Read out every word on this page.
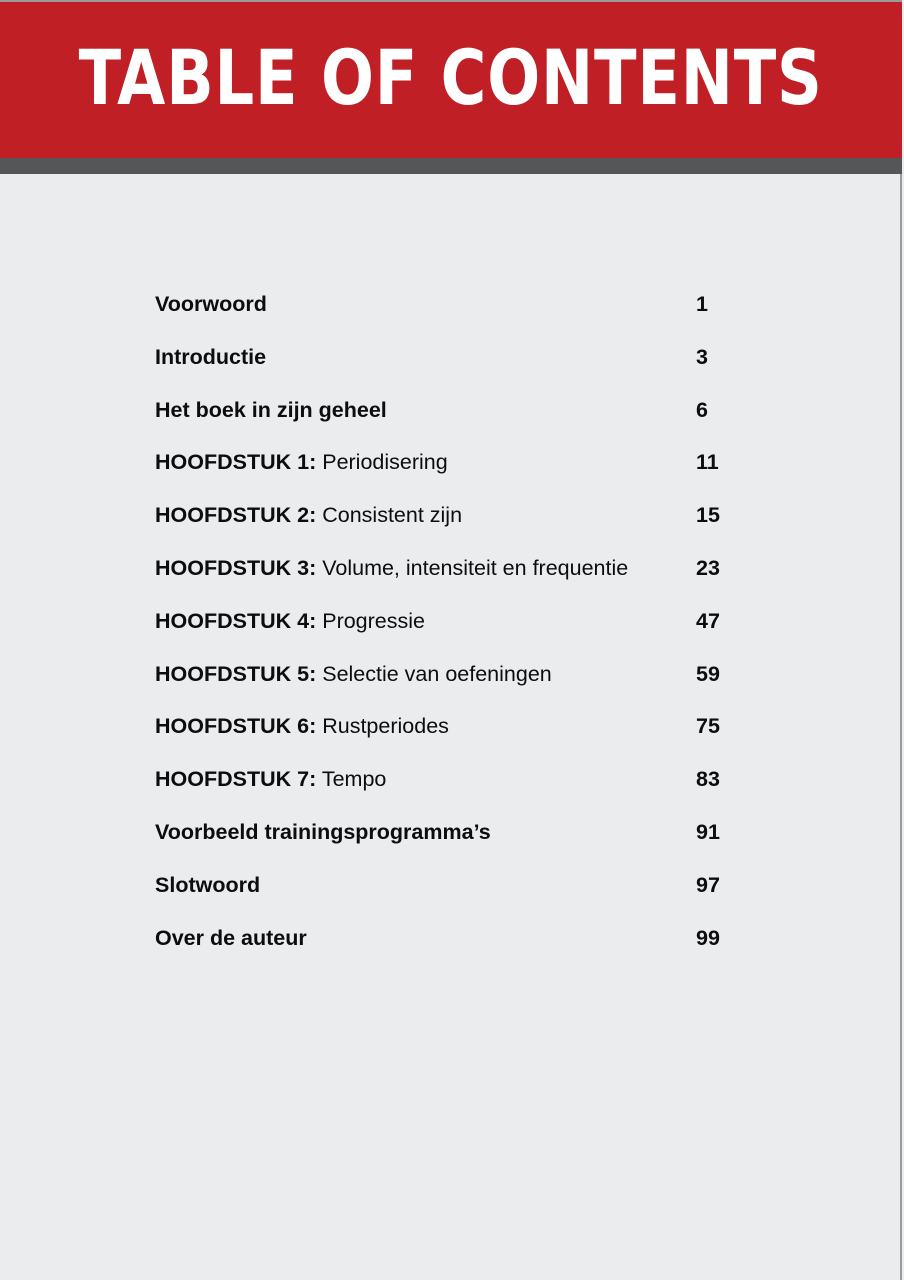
TABLE OF CONTENTS
Voorwoord	1
Introductie	3
Het boek in zijn geheel	6
HOOFDSTUK 1: Periodisering	11
HOOFDSTUK 2: Consistent zijn	15
HOOFDSTUK 3: Volume, intensiteit en frequentie	23
HOOFDSTUK 4: Progressie	47
HOOFDSTUK 5: Selectie van oefeningen	59
HOOFDSTUK 6: Rustperiodes	75
HOOFDSTUK 7: Tempo	83
Voorbeeld trainingsprogramma’s	91
Slotwoord	97
Over de auteur	99
